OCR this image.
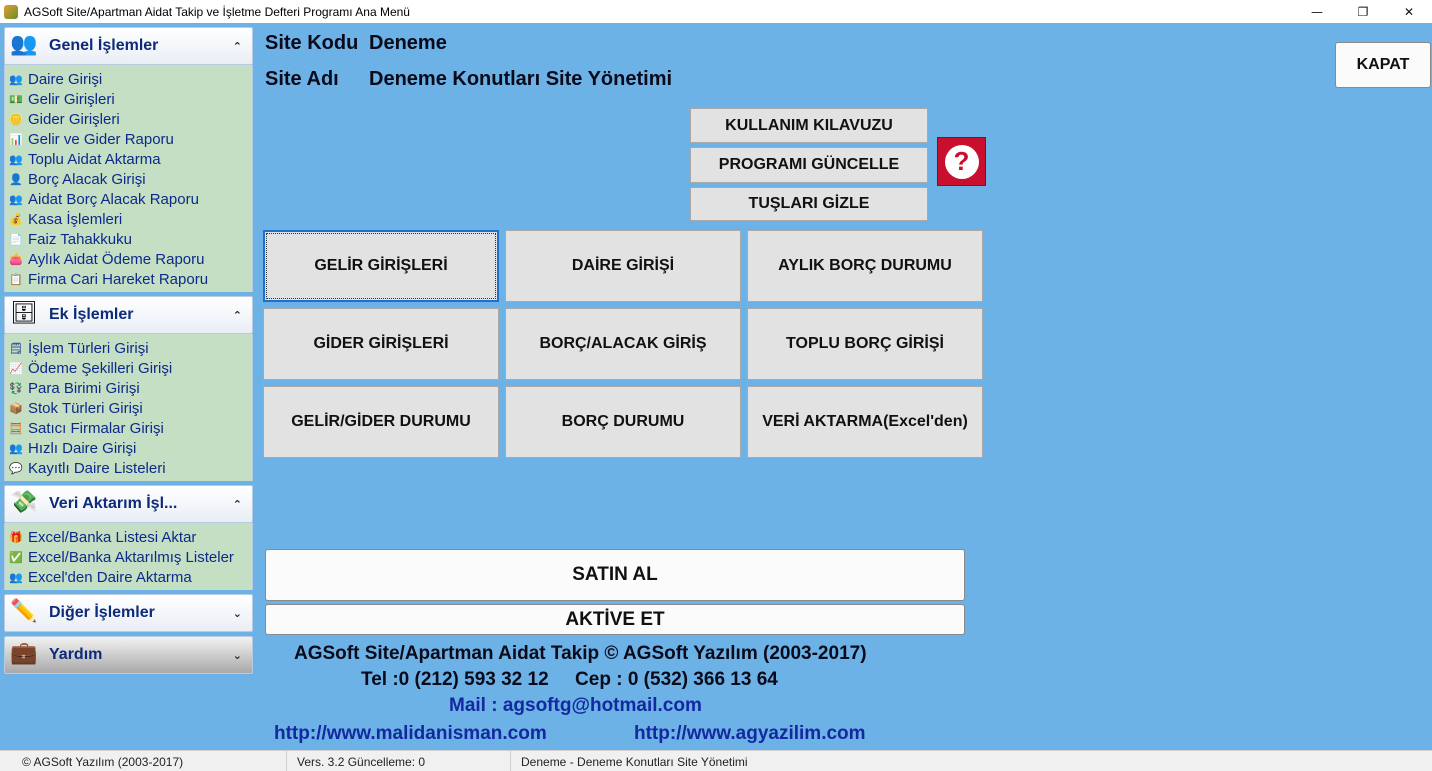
AGSoft Site/Apartman Aidat Takip ve İşletme Defteri Programı Ana Menü	—	❐	✕
👥 Genel İşlemler	⌃
👥 Daire Girişi
💵 Gelir Girişleri
🪙 Gider Girişleri
📊 Gelir ve Gider Raporu
👥 Toplu Aidat Aktarma
👤 Borç Alacak Girişi
👥 Aidat Borç Alacak Raporu
💰 Kasa İşlemleri
📄 Faiz Tahakkuku
👛 Aylık Aidat Ödeme Raporu
📋 Firma Cari Hareket Raporu
🗄 Ek İşlemler	⌃
🗒 İşlem Türleri Girişi
📈 Ödeme Şekilleri Girişi
💱 Para Birimi Girişi
📦 Stok Türleri Girişi
🧮 Satıcı Firmalar Girişi
👥 Hızlı Daire Girişi
💬 Kayıtlı Daire Listeleri
💸 Veri Aktarım İşl...	⌃
🎁 Excel/Banka Listesi Aktar
✅ Excel/Banka Aktarılmış Listeler
👥 Excel'den Daire Aktarma
✏️ Diğer İşlemler	⌄
💼 Yardım	⌄
Site Kodu Deneme
Site Adı Deneme Konutları Site Yönetimi
KAPAT
KULLANIM KILAVUZU
PROGRAMI GÜNCELLE
TUŞLARI GİZLE
?
GELİR GİRİŞLERİ	DAİRE GİRİŞİ	AYLIK BORÇ DURUMU
GİDER GİRİŞLERİ	BORÇ/ALACAK GİRİŞ	TOPLU BORÇ GİRİŞİ
GELİR/GİDER DURUMU	BORÇ DURUMU	VERİ AKTARMA(Excel'den)
SATIN AL
AKTİVE ET
AGSoft Site/Apartman Aidat Takip © AGSoft Yazılım (2003-2017)
Tel :0 (212) 593 32 12     Cep : 0 (532) 366 13 64
Mail : agsoftg@hotmail.com
http://www.malidanisman.com	http://www.agyazilim.com
© AGSoft Yazılım (2003-2017)	Vers. 3.2 Güncelleme: 0	Deneme - Deneme Konutları Site Yönetimi
